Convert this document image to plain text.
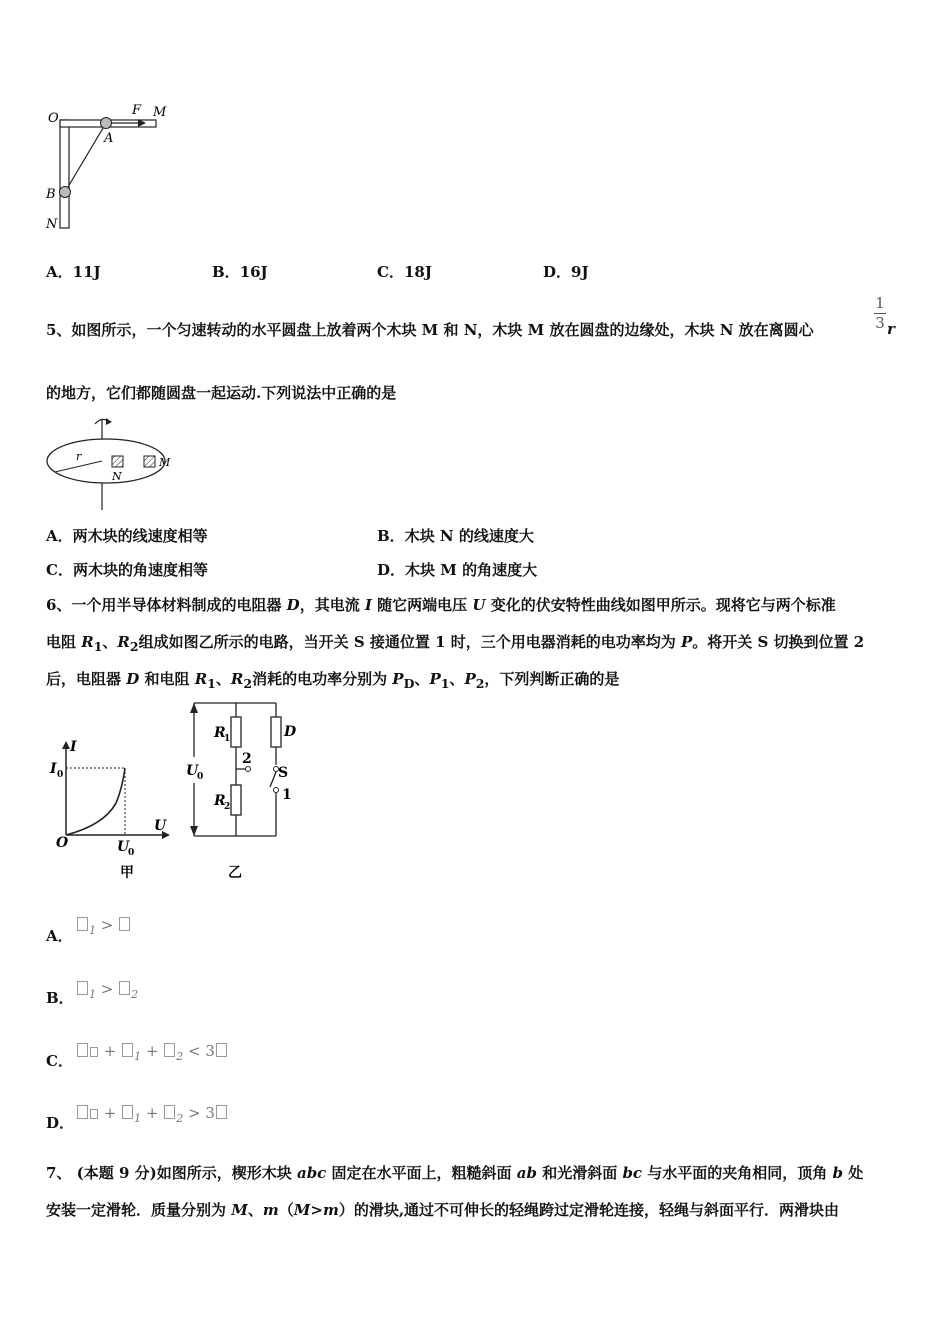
O
F M
A
B
N
A．11J	B．16J	C．18J	D．9J
5、如图所示，一个匀速转动的水平圆盘上放着两个木块 M 和 N，木块 M 放在圆盘的边缘处，木块 N 放在离圆心
1
3 r
的地方，它们都随圆盘一起运动.下列说法中正确的是
r
N
M
A．两木块的线速度相等	B．木块 N 的线速度大
C．两木块的角速度相等	D．木块 M 的角速度大
6、一个用半导体材料制成的电阻器 D，其电流 I 随它两端电压 U 变化的伏安特性曲线如图甲所示。现将它与两个标准
电阻 $R_1$、$R_2$组成如图乙所示的电路，当开关 S 接通位置 1 时，三个用电器消耗的电功率均为 P。将开关 S 切换到位置 2
后，电阻器 D 和电阻 $R_1$、$R_2$消耗的电功率分别为 $P_D$、$P_1$、$P_2$，下列判断正确的是
I
I 0
U
O	U
0
甲
R
1	D
U
0
2
S
R
2
1
乙
A．	$_1$ >
B．	$_1$ > $_2$
C．
+ $_1$ + $_2$ < 3
D．
+ $_1$ + $_2$ > 3
7、 (本题 9 分)如图所示，楔形木块 abc 固定在水平面上，粗糙斜面 ab 和光滑斜面 bc 与水平面的夹角相同，顶角 b 处
安装一定滑轮．质量分别为 M、m（M>m）的滑块,通过不可伸长的轻绳跨过定滑轮连接，轻绳与斜面平行．两滑块由
